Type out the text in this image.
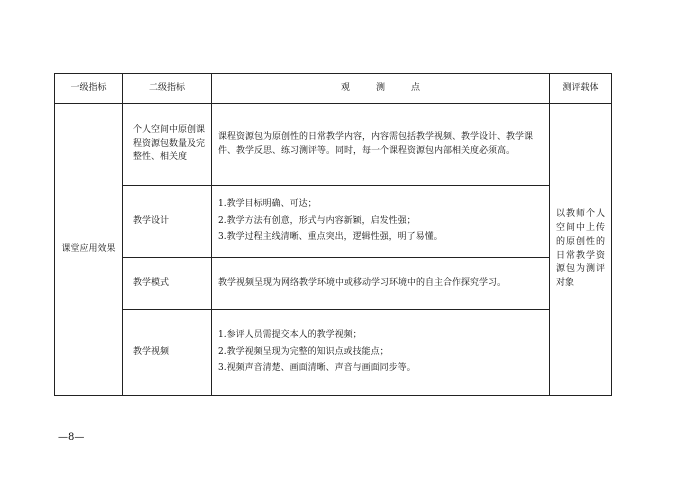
一级指标	二级指标	观 测 点	测评载体
课堂应用效果	个人空间中原创课程资源包数量及完整性、相关度	课程资源包为原创性的日常教学内容，内容需包括教学视频、教学设计、教学课件、教学反思、练习测评等。同时，每一个课程资源包内部相关度必须高。	以教师个人空间中上传的原创性的日常教学资源包为测评对象
	教学设计	1.教学目标明确、可达；
2.教学方法有创意，形式与内容新颖，启发性强；
3.教学过程主线清晰、重点突出，逻辑性强，明了易懂。	

	教学模式	教学视频呈现为网络教学环境中或移动学习环境中的自主合作探究学习。	

	教学视频	1.参评人员需提交本人的教学视频；
2.教学视频呈现为完整的知识点或技能点；
3.视频声音清楚、画面清晰、声音与画面同步等。	
—8—
